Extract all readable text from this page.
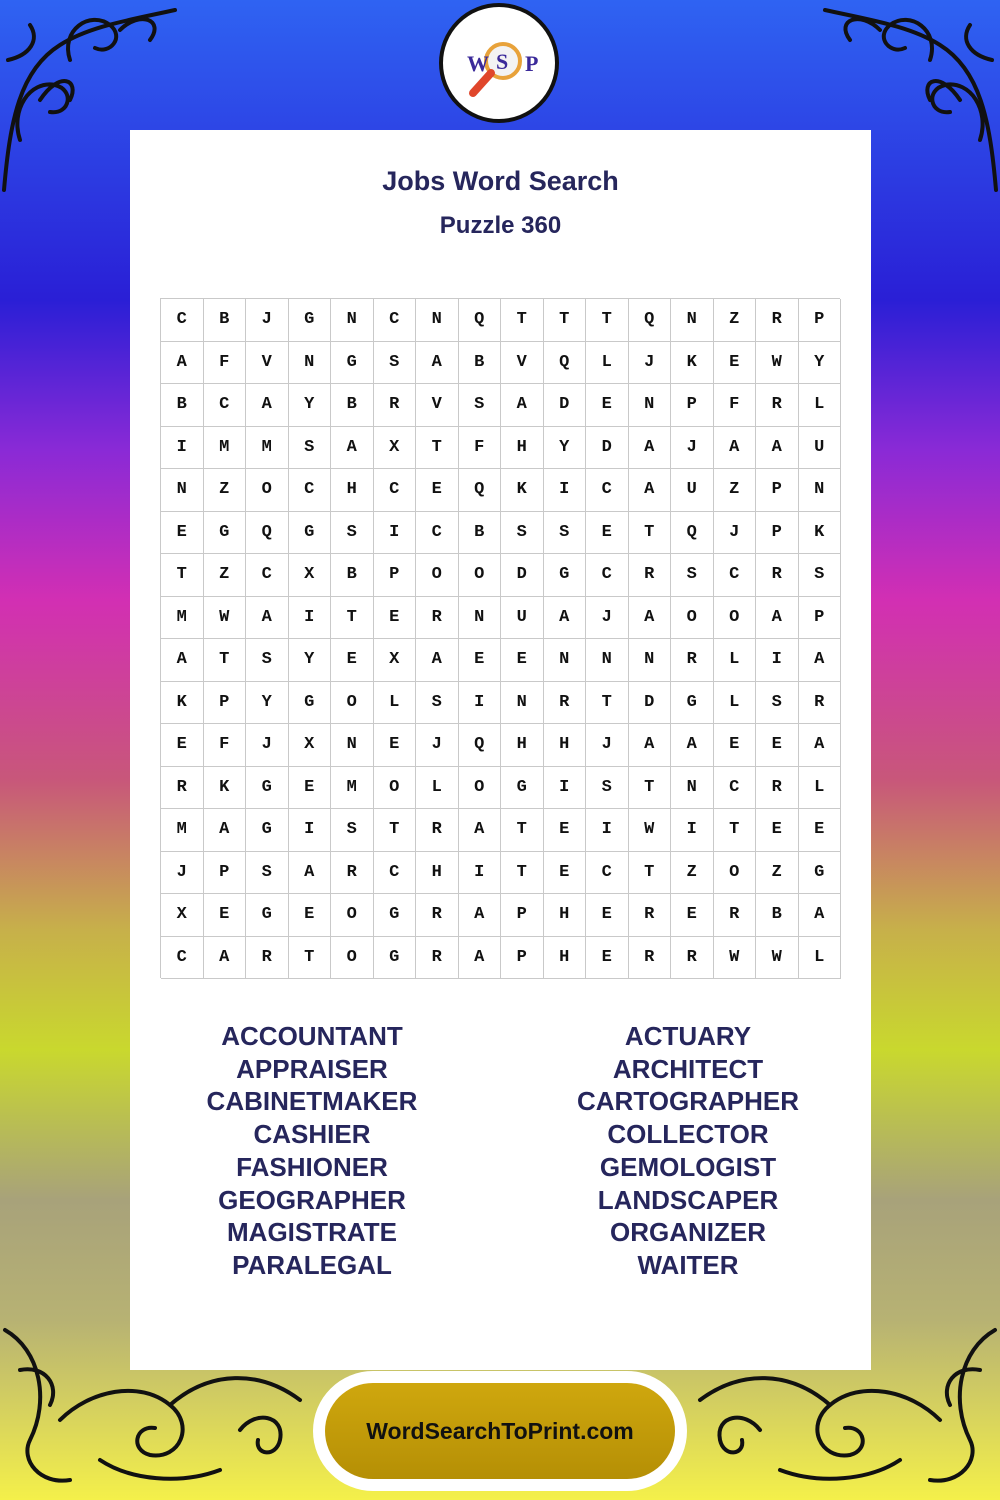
W S P
Jobs Word Search
Puzzle 360
C	B	J	G	N	C	N	Q	T	T	T	Q	N	Z	R	P
A	F	V	N	G	S	A	B	V	Q	L	J	K	E	W	Y
B	C	A	Y	B	R	V	S	A	D	E	N	P	F	R	L
I	M	M	S	A	X	T	F	H	Y	D	A	J	A	A	U
N	Z	O	C	H	C	E	Q	K	I	C	A	U	Z	P	N
E	G	Q	G	S	I	C	B	S	S	E	T	Q	J	P	K
T	Z	C	X	B	P	O	O	D	G	C	R	S	C	R	S
M	W	A	I	T	E	R	N	U	A	J	A	O	O	A	P
A	T	S	Y	E	X	A	E	E	N	N	N	R	L	I	A
K	P	Y	G	O	L	S	I	N	R	T	D	G	L	S	R
E	F	J	X	N	E	J	Q	H	H	J	A	A	E	E	A
R	K	G	E	M	O	L	O	G	I	S	T	N	C	R	L
M	A	G	I	S	T	R	A	T	E	I	W	I	T	E	E
J	P	S	A	R	C	H	I	T	E	C	T	Z	O	Z	G
X	E	G	E	O	G	R	A	P	H	E	R	E	R	B	A
C	A	R	T	O	G	R	A	P	H	E	R	R	W	W	L
ACCOUNTANT
APPRAISER
CABINETMAKER
CASHIER
FASHIONER
GEOGRAPHER
MAGISTRATE
PARALEGAL
ACTUARY
ARCHITECT
CARTOGRAPHER
COLLECTOR
GEMOLOGIST
LANDSCAPER
ORGANIZER
WAITER
WordSearchToPrint.com
